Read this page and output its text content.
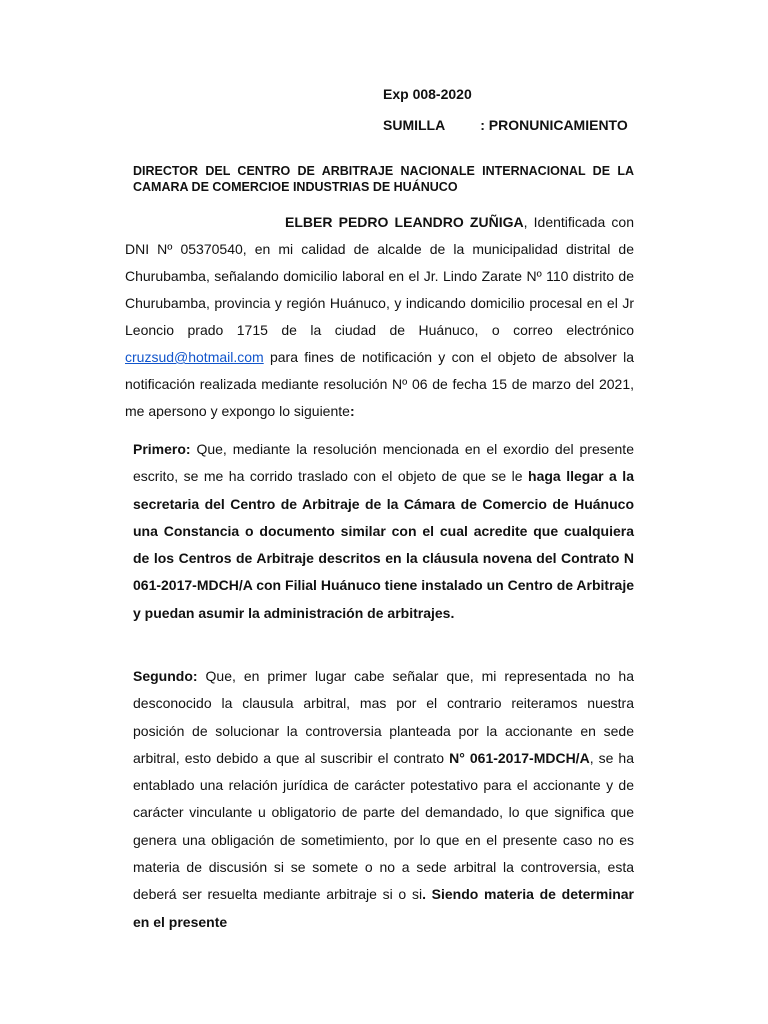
Exp 008-2020
SUMILLA	: PRONUNICAMIENTO
DIRECTOR DEL CENTRO DE ARBITRAJE NACIONALE INTERNACIONAL DE LA CAMARA DE COMERCIOE INDUSTRIAS DE HUÁNUCO
ELBER PEDRO LEANDRO ZUÑIGA, Identificada con DNI Nº 05370540, en mi calidad de alcalde de la municipalidad distrital de Churubamba, señalando domicilio laboral en el Jr. Lindo Zarate Nº 110 distrito de Churubamba, provincia y región Huánuco, y indicando domicilio procesal en el Jr Leoncio prado 1715 de la ciudad de Huánuco, o correo electrónico cruzsud@hotmail.com para fines de notificación y con el objeto de absolver la notificación realizada mediante resolución Nº 06 de fecha 15 de marzo del 2021, me apersono y expongo lo siguiente:
Primero: Que, mediante la resolución mencionada en el exordio del presente escrito, se me ha corrido traslado con el objeto de que se le haga llegar a la secretaria del Centro de Arbitraje de la Cámara de Comercio de Huánuco una Constancia o documento similar con el cual acredite que cualquiera de los Centros de Arbitraje descritos en la cláusula novena del Contrato N 061-2017-MDCH/A con Filial Huánuco tiene instalado un Centro de Arbitraje y puedan asumir la administración de arbitrajes.
Segundo: Que, en primer lugar cabe señalar que, mi representada no ha desconocido la clausula arbitral, mas por el contrario reiteramos nuestra posición de solucionar la controversia planteada por la accionante en sede arbitral, esto debido a que al suscribir el contrato N° 061-2017-MDCH/A, se ha entablado una relación jurídica de carácter potestativo para el accionante y de carácter vinculante u obligatorio de parte del demandado, lo que significa que genera una obligación de sometimiento, por lo que en el presente caso no es materia de discusión si se somete o no a sede arbitral la controversia, esta deberá ser resuelta mediante arbitraje si o si. Siendo materia de determinar en el presente
